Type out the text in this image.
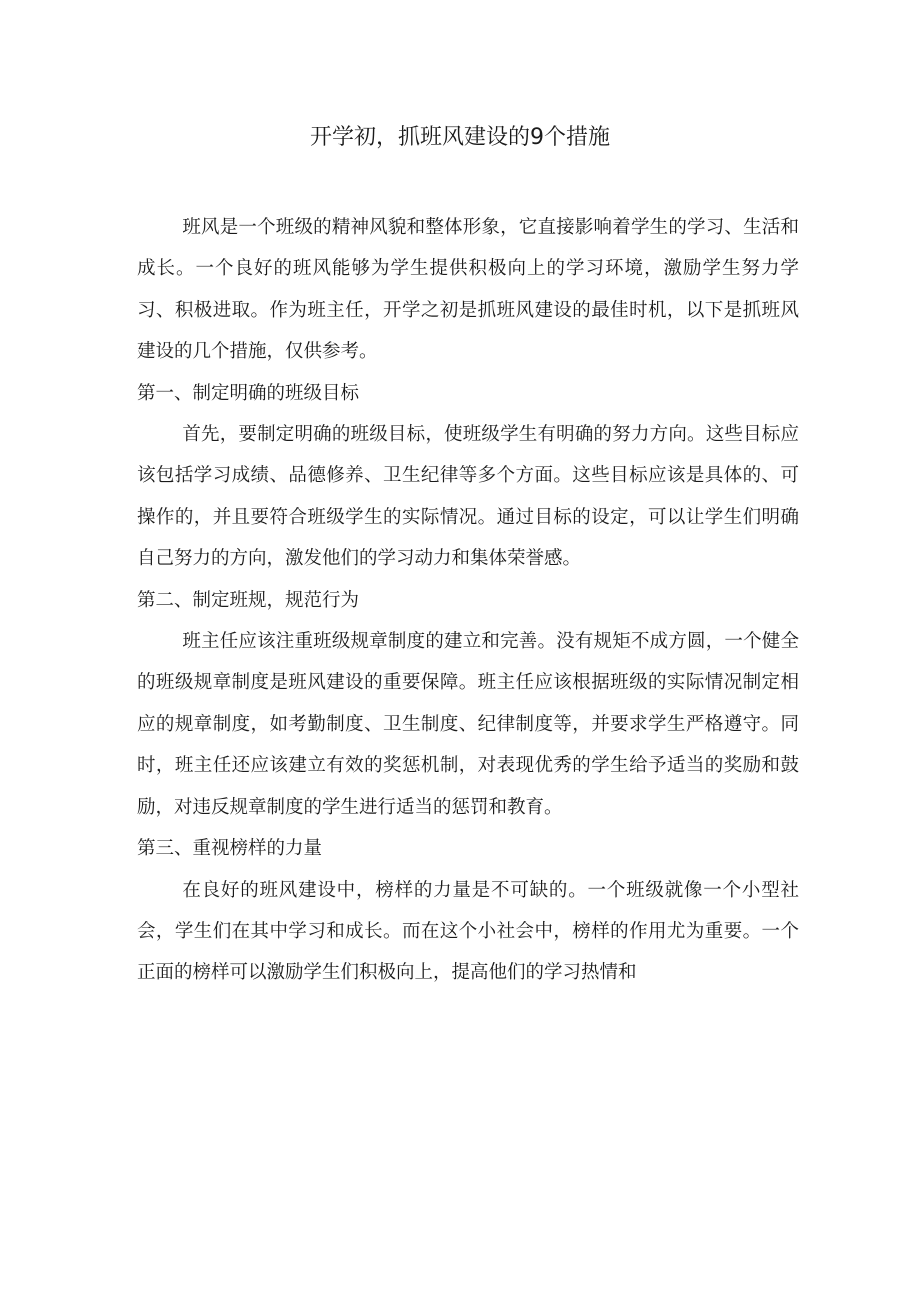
开学初，抓班风建设的9个措施

班风是一个班级的精神风貌和整体形象，它直接影响着学生的学习、生活和成长。一个良好的班风能够为学生提供积极向上的学习环境，激励学生努力学习、积极进取。作为班主任，开学之初是抓班风建设的最佳时机，以下是抓班风建设的几个措施，仅供参考。

第一、制定明确的班级目标

首先，要制定明确的班级目标，使班级学生有明确的努力方向。这些目标应该包括学习成绩、品德修养、卫生纪律等多个方面。这些目标应该是具体的、可操作的，并且要符合班级学生的实际情况。通过目标的设定，可以让学生们明确自己努力的方向，激发他们的学习动力和集体荣誉感。

第二、制定班规，规范行为

班主任应该注重班级规章制度的建立和完善。没有规矩不成方圆，一个健全的班级规章制度是班风建设的重要保障。班主任应该根据班级的实际情况制定相应的规章制度，如考勤制度、卫生制度、纪律制度等，并要求学生严格遵守。同时，班主任还应该建立有效的奖惩机制，对表现优秀的学生给予适当的奖励和鼓励，对违反规章制度的学生进行适当的惩罚和教育。

第三、重视榜样的力量

在良好的班风建设中，榜样的力量是不可缺的。一个班级就像一个小型社会，学生们在其中学习和成长。而在这个小社会中，榜样的作用尤为重要。一个正面的榜样可以激励学生们积极向上，提高他们的学习热情和
